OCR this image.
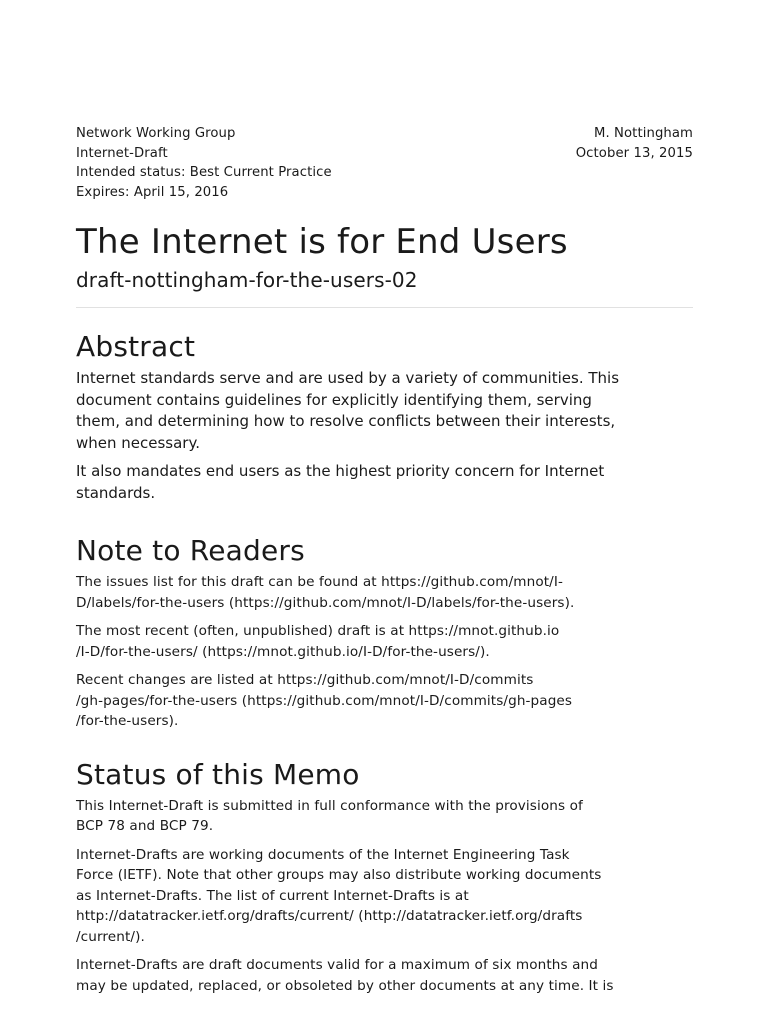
Network Working Group	M. Nottingham
Internet-Draft	October 13, 2015
Intended status: Best Current Practice
Expires: April 15, 2016
The Internet is for End Users
draft-nottingham-for-the-users-02
Abstract

Internet standards serve and are used by a variety of communities. This
document contains guidelines for explicitly identifying them, serving
them, and determining how to resolve conflicts between their interests,
when necessary.

It also mandates end users as the highest priority concern for Internet
standards.

Note to Readers

The issues list for this draft can be found at https://github.com/mnot/I-
D/labels/for-the-users (https://github.com/mnot/I-D/labels/for-the-users).

The most recent (often, unpublished) draft is at https://mnot.github.io
/I-D/for-the-users/ (https://mnot.github.io/I-D/for-the-users/).

Recent changes are listed at https://github.com/mnot/I-D/commits
/gh-pages/for-the-users (https://github.com/mnot/I-D/commits/gh-pages
/for-the-users).

Status of this Memo

This Internet-Draft is submitted in full conformance with the provisions of
BCP 78 and BCP 79.

Internet-Drafts are working documents of the Internet Engineering Task
Force (IETF). Note that other groups may also distribute working documents
as Internet-Drafts. The list of current Internet-Drafts is at
http://datatracker.ietf.org/drafts/current/ (http://datatracker.ietf.org/drafts
/current/).

Internet-Drafts are draft documents valid for a maximum of six months and
may be updated, replaced, or obsoleted by other documents at any time. It is
